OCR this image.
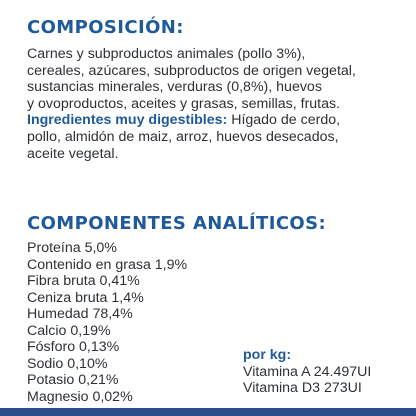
COMPOSICIÓN:
Carnes y subproductos animales (pollo 3%),
cereales, azúcares, subproductos de origen vegetal,
sustancias minerales, verduras (0,8%), huevos
y ovoproductos, aceites y grasas, semillas, frutas.
Ingredientes muy digestibles: Hígado de cerdo,
pollo, almidón de maiz, arroz, huevos desecados,
aceite vegetal.
COMPONENTES ANALÍTICOS:
Proteína 5,0%
Contenido en grasa 1,9%
Fibra bruta 0,41%
Ceniza bruta 1,4%
Humedad 78,4%
Calcio 0,19%
Fósforo 0,13%
Sodio 0,10%
Potasio 0,21%
Magnesio 0,02%
por kg:
Vitamina A 24.497UI
Vitamina D3 273UI
